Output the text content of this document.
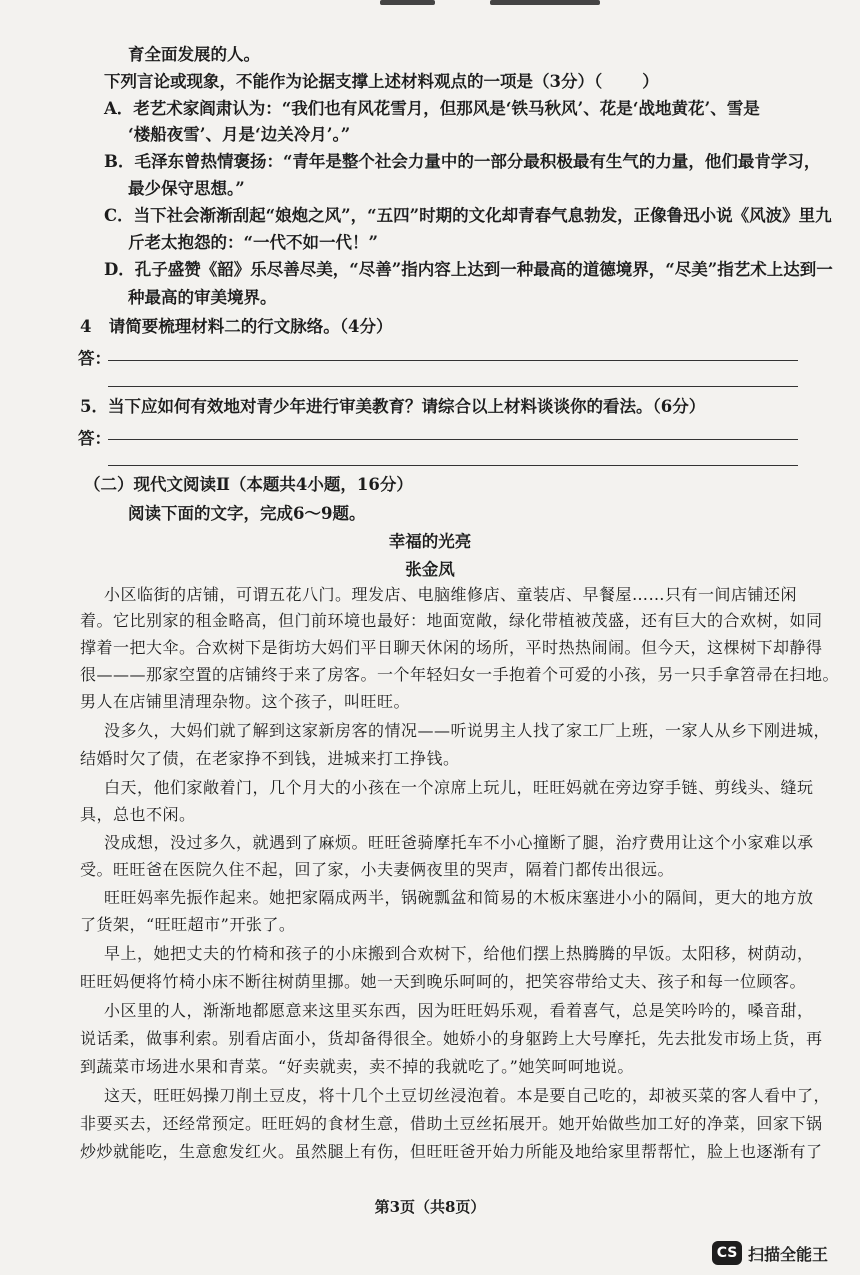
育全面发展的人。
下列言论或现象，不能作为论据支撑上述材料观点的一项是（3分）（ ）
A．老艺术家阎肃认为：“我们也有风花雪月，但那风是‘铁马秋风’、花是‘战地黄花’、雪是
‘楼船夜雪’、月是‘边关冷月’。”
B．毛泽东曾热情褒扬：“青年是整个社会力量中的一部分最积极最有生气的力量，他们最肯学习，
最少保守思想。”
C．当下社会渐渐刮起“娘炮之风”，“五四”时期的文化却青春气息勃发，正像鲁迅小说《风波》里九
斤老太抱怨的：“一代不如一代！”
D．孔子盛赞《韶》乐尽善尽美，“尽善”指内容上达到一种最高的道德境界，“尽美”指艺术上达到一
种最高的审美境界。
4 请简要梳理材料二的行文脉络。（4分）
答：
5．当下应如何有效地对青少年进行审美教育？请综合以上材料谈谈你的看法。（6分）
答：
（二）现代文阅读Ⅱ（本题共4小题，16分）
阅读下面的文字，完成6～9题。
幸福的光亮
张金凤
小区临街的店铺，可谓五花八门。理发店、电脑维修店、童装店、早餐屋……只有一间店铺还闲
着。它比别家的租金略高，但门前环境也最好：地面宽敞，绿化带植被茂盛，还有巨大的合欢树，如同
撑着一把大伞。合欢树下是街坊大妈们平日聊天休闲的场所，平时热热闹闹。但今天，这棵树下却静得
很———那家空置的店铺终于来了房客。一个年轻妇女一手抱着个可爱的小孩，另一只手拿笤帚在扫地。
男人在店铺里清理杂物。这个孩子，叫旺旺。
没多久，大妈们就了解到这家新房客的情况——听说男主人找了家工厂上班，一家人从乡下刚进城，
结婚时欠了债，在老家挣不到钱，进城来打工挣钱。
白天，他们家敞着门，几个月大的小孩在一个凉席上玩儿，旺旺妈就在旁边穿手链、剪线头、缝玩
具，总也不闲。
没成想，没过多久，就遇到了麻烦。旺旺爸骑摩托车不小心撞断了腿，治疗费用让这个小家难以承
受。旺旺爸在医院久住不起，回了家，小夫妻俩夜里的哭声，隔着门都传出很远。
旺旺妈率先振作起来。她把家隔成两半，锅碗瓢盆和简易的木板床塞进小小的隔间，更大的地方放
了货架，“旺旺超市”开张了。
早上，她把丈夫的竹椅和孩子的小床搬到合欢树下，给他们摆上热腾腾的早饭。太阳移，树荫动，
旺旺妈便将竹椅小床不断往树荫里挪。她一天到晚乐呵呵的，把笑容带给丈夫、孩子和每一位顾客。
小区里的人，渐渐地都愿意来这里买东西，因为旺旺妈乐观，看着喜气，总是笑吟吟的，嗓音甜，
说话柔，做事利索。别看店面小，货却备得很全。她娇小的身躯跨上大号摩托，先去批发市场上货，再
到蔬菜市场进水果和青菜。“好卖就卖，卖不掉的我就吃了。”她笑呵呵地说。
这天，旺旺妈操刀削土豆皮，将十几个土豆切丝浸泡着。本是要自己吃的，却被买菜的客人看中了，
非要买去，还经常预定。旺旺妈的食材生意，借助土豆丝拓展开。她开始做些加工好的净菜，回家下锅
炒炒就能吃，生意愈发红火。虽然腿上有伤，但旺旺爸开始力所能及地给家里帮帮忙，脸上也逐渐有了
第3页（共8页）
CS 扫描全能王
